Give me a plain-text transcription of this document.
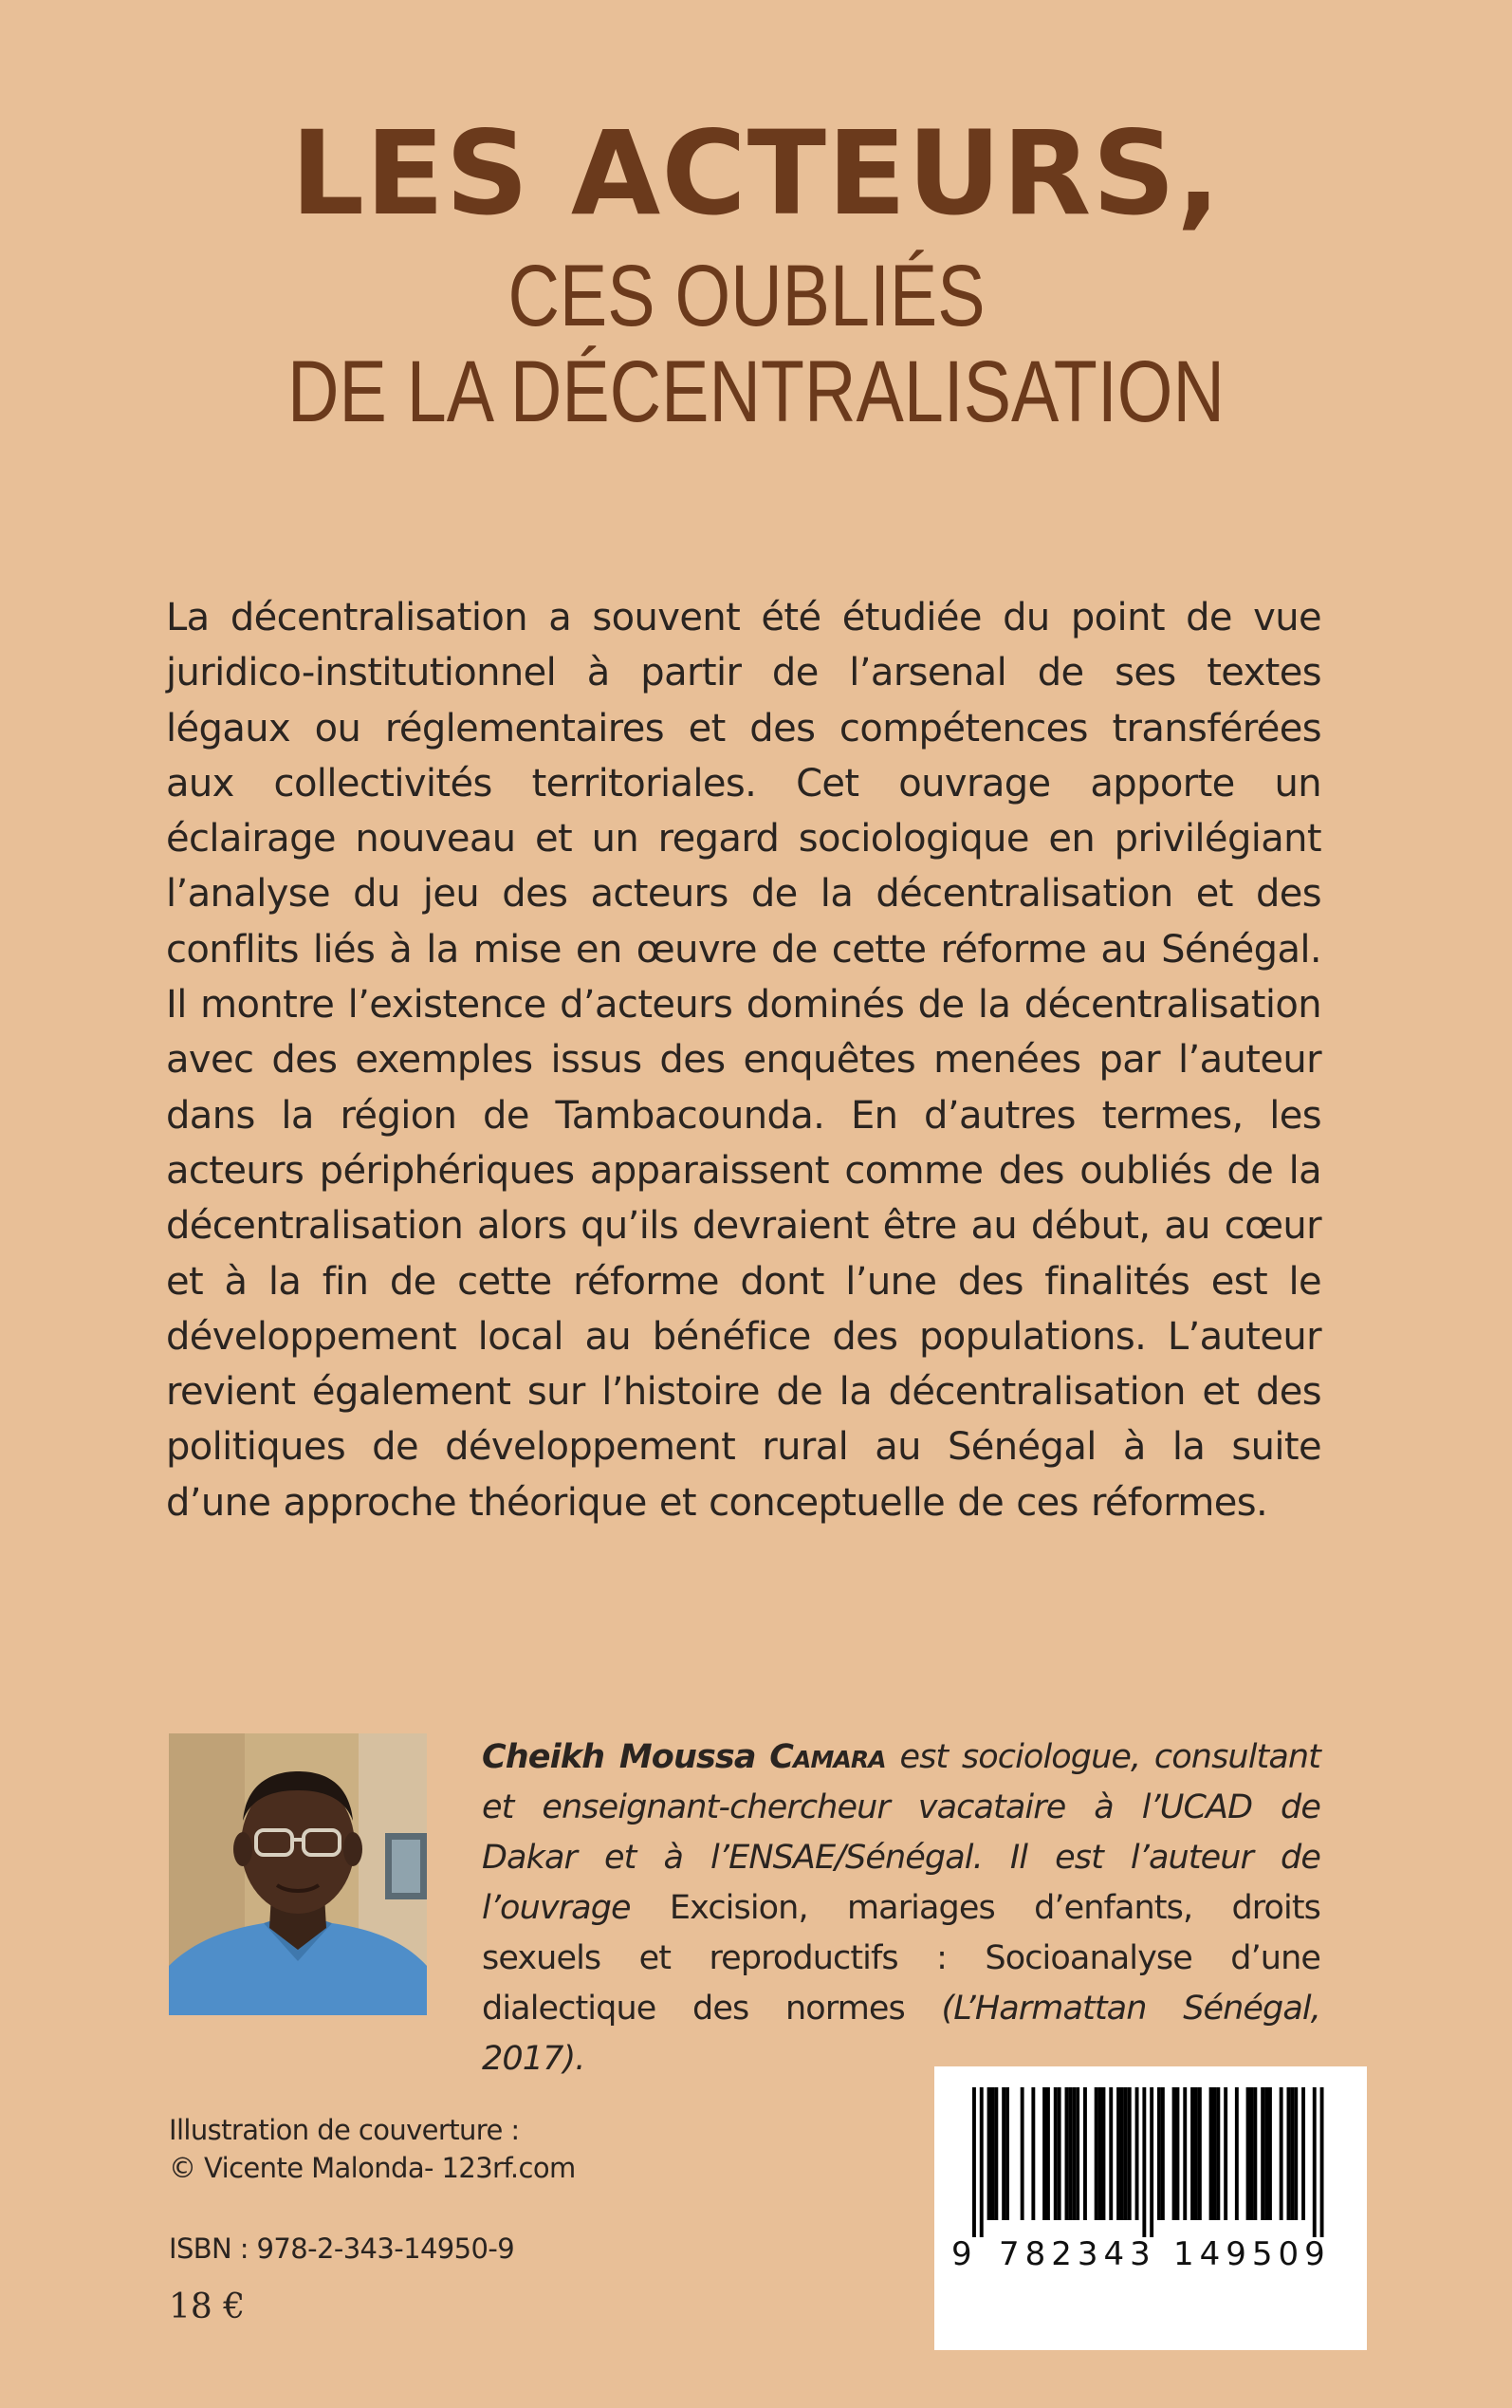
LES ACTEURS,
CES OUBLIÉS
DE LA DÉCENTRALISATION
La décentralisation a souvent été étudiée du point de vue juridico-institutionnel à partir de l’arsenal de ses textes légaux ou réglementaires et des compétences transférées aux collectivités territoriales. Cet ouvrage apporte un éclairage nouveau et un regard sociologique en privilégiant l’analyse du jeu des acteurs de la décentralisation et des conflits liés à la mise en œuvre de cette réforme au Sénégal. Il montre l’existence d’acteurs dominés de la décentralisation avec des exemples issus des enquêtes menées par l’auteur dans la région de Tambacounda. En d’autres termes, les acteurs périphériques apparaissent comme des oubliés de la décentralisation alors qu’ils devraient être au début, au cœur et à la fin de cette réforme dont l’une des finalités est le développement local au bénéfice des populations. L’auteur revient également sur l’histoire de la décentralisation et des politiques de développement rural au Sénégal à la suite d’une approche théorique et conceptuelle de ces réformes.
Cheikh Moussa Camara est sociologue, consultant et enseignant-chercheur vacataire à l’UCAD de Dakar et à l’ENSAE/Sénégal. Il est l’auteur de l’ouvrage Excision, mariages d’enfants, droits sexuels et reproductifs : Socioanalyse d’une dialectique des normes (L’Harmattan Sénégal, 2017).
Illustration de couverture :
© Vicente Malonda- 123rf.com
ISBN : 978-2-343-14950-9
18 €
9 782343 149509
